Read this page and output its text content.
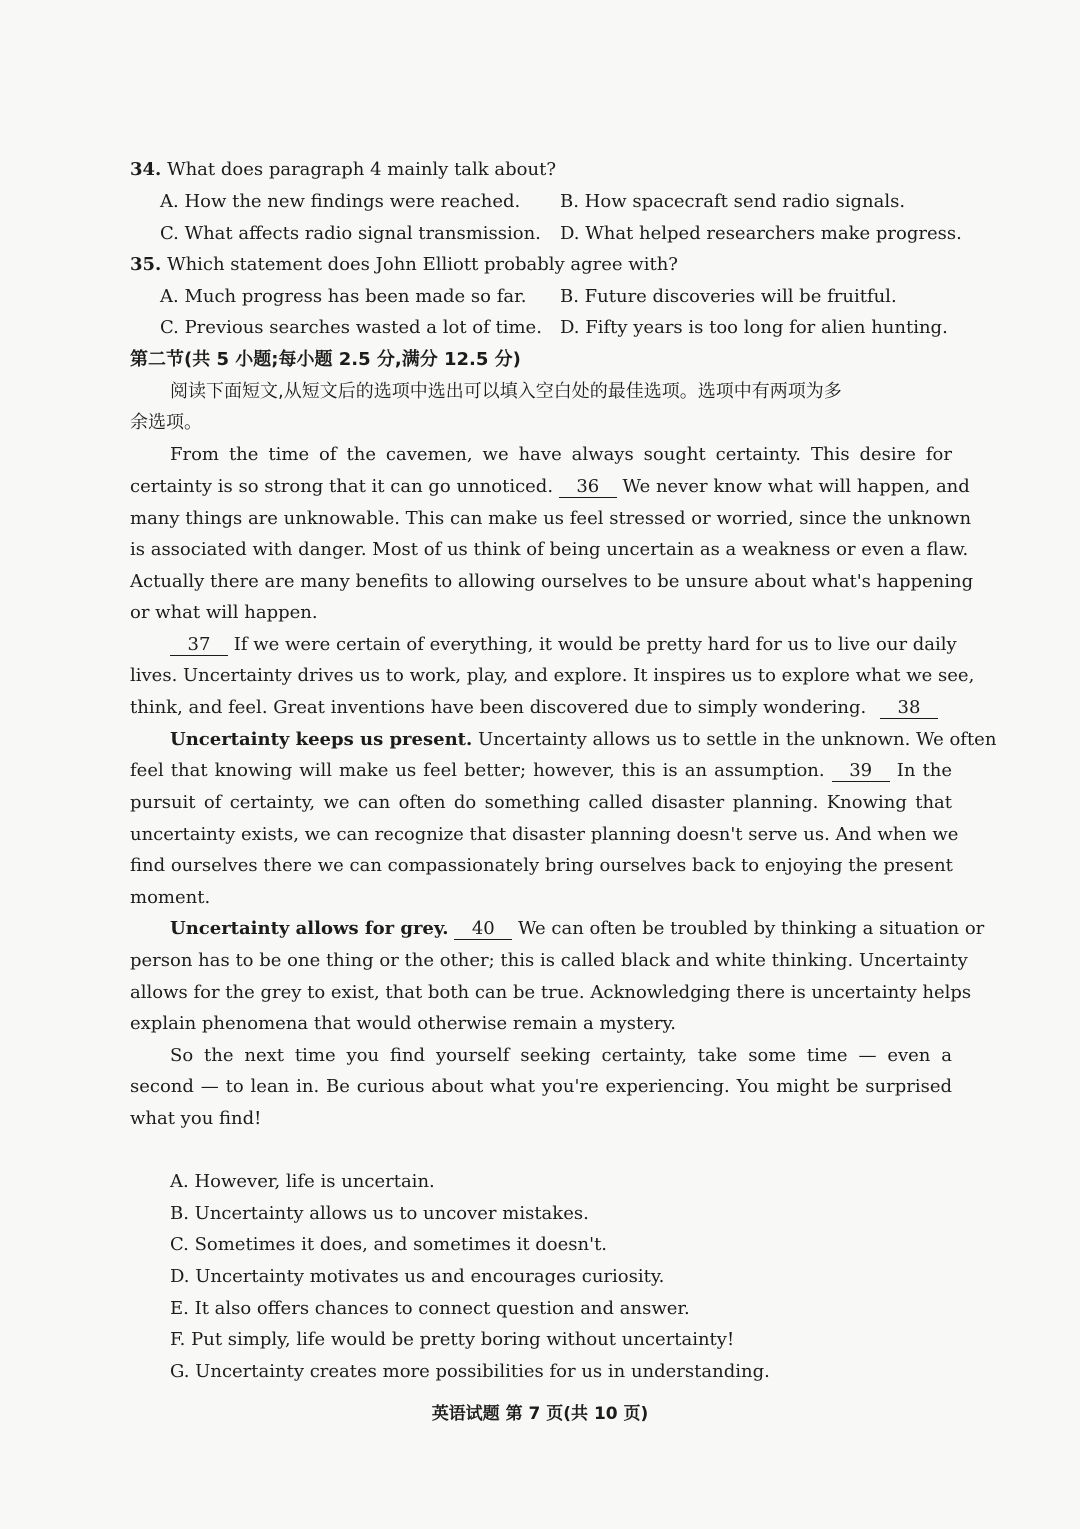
34. What does paragraph 4 mainly talk about?
A. How the new findings were reached. B. How spacecraft send radio signals.
C. What affects radio signal transmission. D. What helped researchers make progress.
35. Which statement does John Elliott probably agree with?
A. Much progress has been made so far. B. Future discoveries will be fruitful.
C. Previous searches wasted a lot of time. D. Fifty years is too long for alien hunting.
第二节(共 5 小题;每小题 2.5 分,满分 12.5 分)
阅读下面短文,从短文后的选项中选出可以填入空白处的最佳选项。选项中有两项为多
余选项。
From the time of the cavemen, we have always sought certainty. This desire for
certainty is so strong that it can go unnoticed. 36 We never know what will happen, and
many things are unknowable. This can make us feel stressed or worried, since the unknown
is associated with danger. Most of us think of being uncertain as a weakness or even a flaw.
Actually there are many benefits to allowing ourselves to be unsure about what's happening
or what will happen.
37 If we were certain of everything, it would be pretty hard for us to live our daily
lives. Uncertainty drives us to work, play, and explore. It inspires us to explore what we see,
think, and feel. Great inventions have been discovered due to simply wondering. 38
Uncertainty keeps us present. Uncertainty allows us to settle in the unknown. We often
feel that knowing will make us feel better; however, this is an assumption. 39 In the
pursuit of certainty, we can often do something called disaster planning. Knowing that
uncertainty exists, we can recognize that disaster planning doesn't serve us. And when we
find ourselves there we can compassionately bring ourselves back to enjoying the present
moment.
Uncertainty allows for grey. 40 We can often be troubled by thinking a situation or
person has to be one thing or the other; this is called black and white thinking. Uncertainty
allows for the grey to exist, that both can be true. Acknowledging there is uncertainty helps
explain phenomena that would otherwise remain a mystery.
So the next time you find yourself seeking certainty, take some time — even a
second — to lean in. Be curious about what you're experiencing. You might be surprised
what you find!
A. However, life is uncertain.
B. Uncertainty allows us to uncover mistakes.
C. Sometimes it does, and sometimes it doesn't.
D. Uncertainty motivates us and encourages curiosity.
E. It also offers chances to connect question and answer.
F. Put simply, life would be pretty boring without uncertainty!
G. Uncertainty creates more possibilities for us in understanding.
英语试题 第 7 页(共 10 页)
